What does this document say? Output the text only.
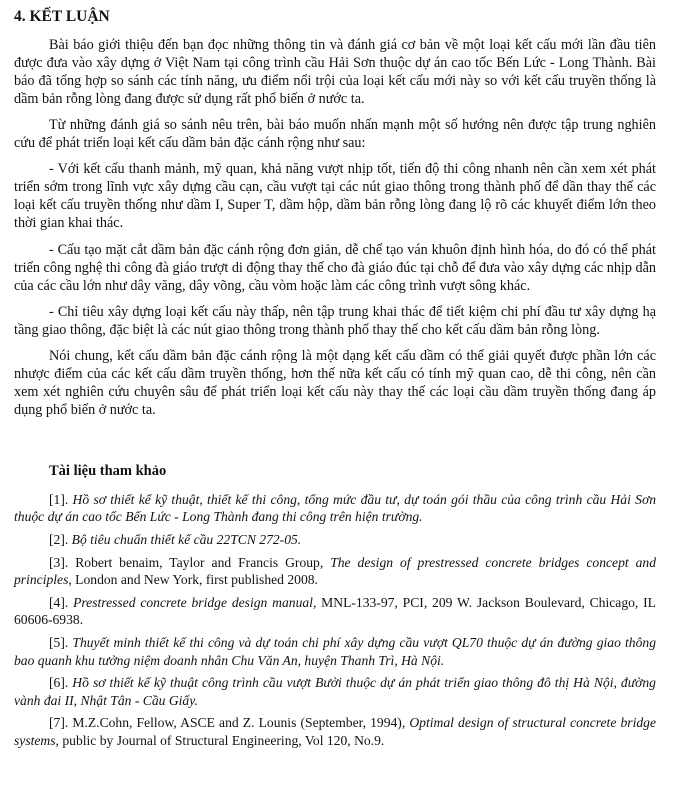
4. KẾT LUẬN

Bài báo giới thiệu đến bạn đọc những thông tin và đánh giá cơ bản về một loại kết cấu mới lần đầu tiên được đưa vào xây dựng ở Việt Nam tại công trình cầu Hải Sơn thuộc dự án cao tốc Bến Lức - Long Thành. Bài báo đã tổng hợp so sánh các tính năng, ưu điểm nổi trội của loại kết cấu mới này so với kết cấu truyền thống là dầm bản rỗng lòng đang được sử dụng rất phổ biến ở nước ta.

Từ những đánh giá so sánh nêu trên, bài báo muốn nhấn mạnh một số hướng nên được tập trung nghiên cứu để phát triển loại kết cấu dầm bản đặc cánh rộng như sau:

- Với kết cấu thanh mảnh, mỹ quan, khả năng vượt nhịp tốt, tiến độ thi công nhanh nên cần xem xét phát triển sớm trong lĩnh vực xây dựng cầu cạn, cầu vượt tại các nút giao thông trong thành phố để dần thay thế các loại kết cấu truyền thống như dầm I, Super T, dầm hộp, dầm bản rỗng lòng đang lộ rõ các khuyết điểm lớn theo thời gian khai thác.

- Cấu tạo mặt cắt dầm bản đặc cánh rộng đơn giản, dễ chế tạo ván khuôn định hình hóa, do đó có thể phát triển công nghệ thi công đà giáo trượt di động thay thế cho đà giáo đúc tại chỗ để đưa vào xây dựng các nhịp dẫn của các cầu lớn như dây văng, dây võng, cầu vòm hoặc làm các công trình vượt sông khác.

- Chỉ tiêu xây dựng loại kết cấu này thấp, nên tập trung khai thác để tiết kiệm chi phí đầu tư xây dựng hạ tầng giao thông, đặc biệt là các nút giao thông trong thành phố thay thế cho kết cấu dầm bản rỗng lòng.

Nói chung, kết cấu dầm bản đặc cánh rộng là một dạng kết cấu dầm có thể giải quyết được phần lớn các nhược điểm của các kết cấu dầm truyền thống, hơn thế nữa kết cấu có tính mỹ quan cao, dễ thi công, nên cần xem xét nghiên cứu chuyên sâu để phát triển loại kết cấu này thay thế các loại cầu dầm truyền thống đang áp dụng phổ biến ở nước ta.

Tài liệu tham khảo

[1]. Hồ sơ thiết kế kỹ thuật, thiết kế thi công, tổng mức đầu tư, dự toán gói thầu của công trình cầu Hải Sơn thuộc dự án cao tốc Bến Lức - Long Thành đang thi công trên hiện trường.

[2]. Bộ tiêu chuẩn thiết kế cầu 22TCN 272-05.

[3]. Robert benaim, Taylor and Francis Group, The design of prestressed concrete bridges concept and principles, London and New York, first published 2008.

[4]. Prestressed concrete bridge design manual, MNL-133-97, PCI, 209 W. Jackson Boulevard, Chicago, IL 60606-6938.

[5]. Thuyết minh thiết kế thi công và dự toán chi phí xây dựng cầu vượt QL70 thuộc dự án đường giao thông bao quanh khu tưởng niệm doanh nhân Chu Văn An, huyện Thanh Trì, Hà Nội.

[6]. Hồ sơ thiết kế kỹ thuật công trình cầu vượt Bưởi thuộc dự án phát triển giao thông đô thị Hà Nội, đường vành đai II, Nhật Tân - Cầu Giấy.

[7]. M.Z.Cohn, Fellow, ASCE and Z. Lounis (September, 1994), Optimal design of structural concrete bridge systems, public by Journal of Structural Engineering, Vol 120, No.9.
